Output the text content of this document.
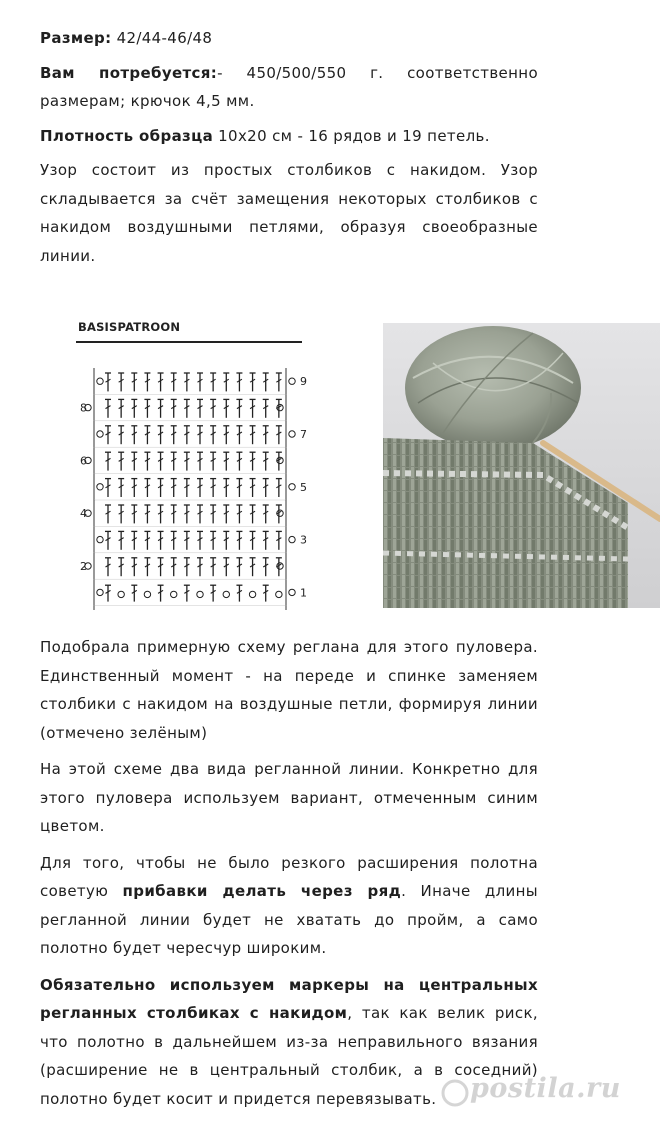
Размер: 42/44-46/48

Вам потребуется:- 450/500/550 г. соответственно размерам; крючок 4,5 мм.

Плотность образца 10х20 см - 16 рядов и 19 петель.

Узор состоит из простых столбиков с накидом. Узор складывается за счёт замещения некоторых столбиков с накидом воздушными петлями, образуя своеобразные линии.

BASISPATROON
9
8
7
6
5
4
3
2
1

Подобрала примерную схему реглана для этого пуловера. Единственный момент - на переде и спинке заменяем столбики с накидом на воздушные петли, формируя линии (отмечено зелёным)

На этой схеме два вида регланной линии. Конкретно для этого пуловера используем вариант, отмеченным синим цветом.

Для того, чтобы не было резкого расширения полотна советую прибавки делать через ряд. Иначе длины регланной линии будет не хватать до пройм, а само полотно будет чересчур широким.

Обязательно используем маркеры на центральных регланных столбиках с накидом, так как велик риск, что полотно в дальнейшем из-за неправильного вязания (расширение не в центральный столбик, а в соседний) полотно будет косит и придется перевязывать.	postila.ru
